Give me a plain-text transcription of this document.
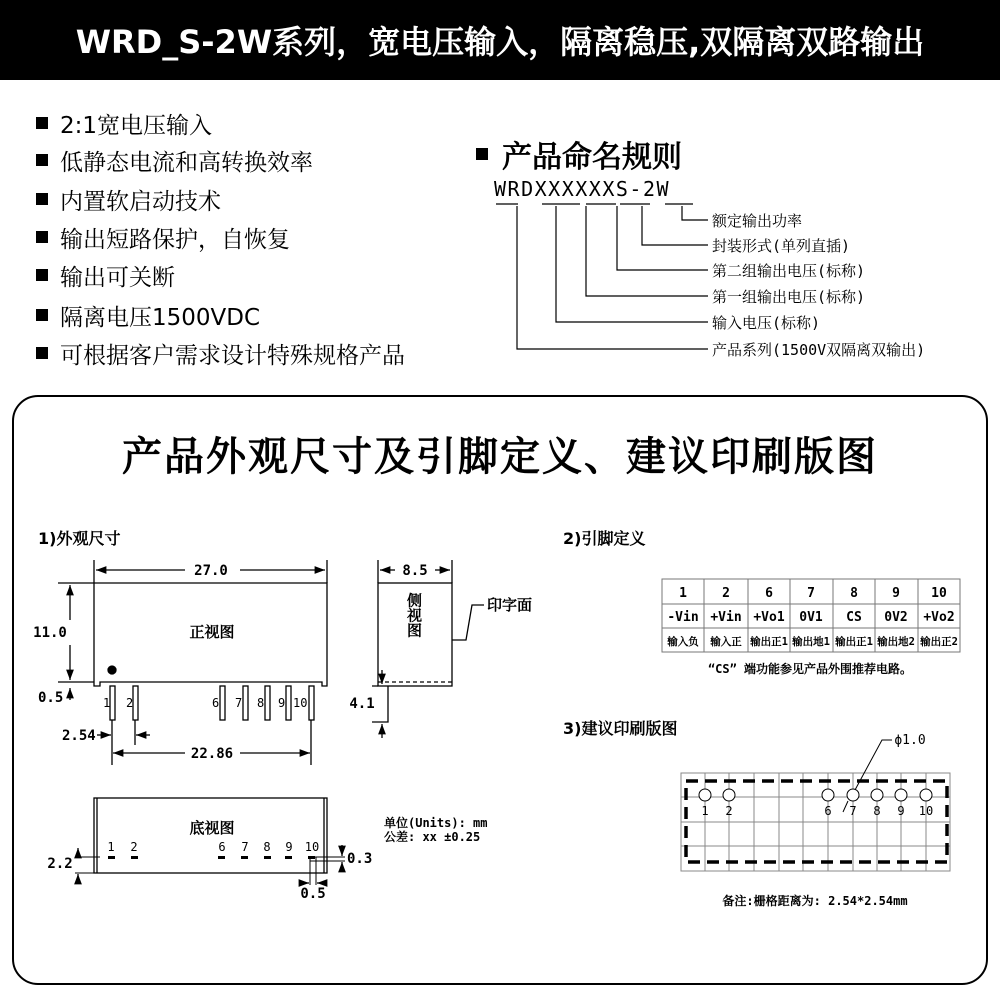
WRD_S-2W系列，宽电压输入，隔离稳压,双隔离双路输出
2:1宽电压输入
低静态电流和高转换效率
内置软启动技术
输出短路保护，自恢复
输出可关断
隔离电压1500VDC
可根据客户需求设计特殊规格产品
产品命名规则
产品外观尺寸及引脚定义、建议印刷版图
1)外观尺寸	2)引脚定义
3)建议印刷版图
WRDXXXXXXS-2W
额定输出功率
封装形式(单列直插)
第二组输出电压(标称)
第一组输出电压(标称)
输入电压(标称)
产品系列(1500V双隔离双输出)
27.0
11.0
0.5
2.54
22.86
正视图
1 2	6 7 8 9 10
8.5
4.1
印字面
1 2	6 7 8 9 10
底视图
2.2	0.3
0.5
单位(Units): mm
公差: xx ±0.25
1	2	6	7	8	9 10
-Vin +Vin +Vo1 0V1 CS 0V2 +Vo2
输入负 输入正 输出正1 输出地1 输出正1 输出地2 输出正2
“CS” 端功能参见产品外围推荐电路。
1 2	6 7 8 9 10
ϕ1.0
备注:栅格距离为: 2.54*2.54mm
侧视图
